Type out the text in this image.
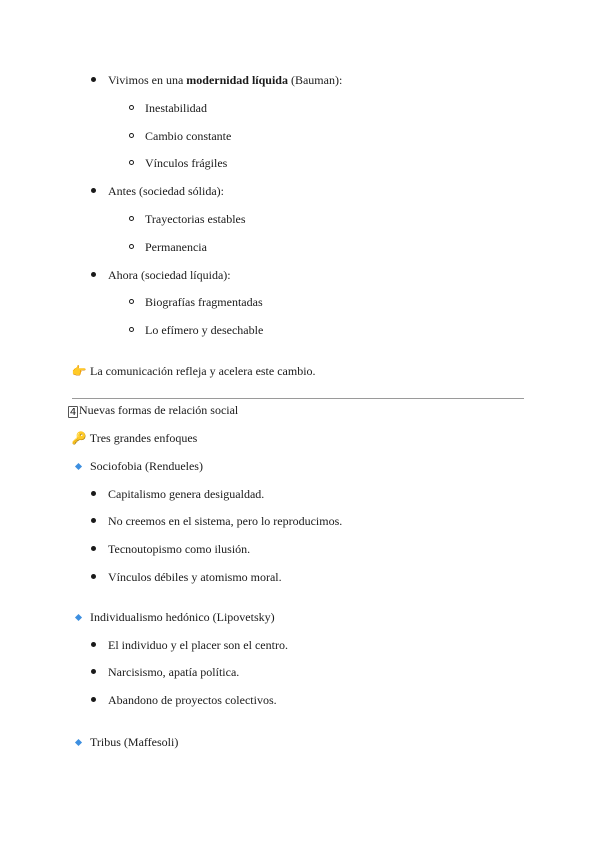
Vivimos en una modernidad líquida (Bauman):
Inestabilidad
Cambio constante
Vínculos frágiles
Antes (sociedad sólida):
Trayectorias estables
Permanencia
Ahora (sociedad líquida):
Biografías fragmentadas
Lo efímero y desechable
👉 La comunicación refleja y acelera este cambio.
4 Nuevas formas de relación social
🔑 Tres grandes enfoques
Sociofobia (Rendueles)
Capitalismo genera desigualdad.
No creemos en el sistema, pero lo reproducimos.
Tecnoutopismo como ilusión.
Vínculos débiles y atomismo moral.
Individualismo hedónico (Lipovetsky)
El individuo y el placer son el centro.
Narcisismo, apatía política.
Abandono de proyectos colectivos.
Tribus (Maffesoli)
